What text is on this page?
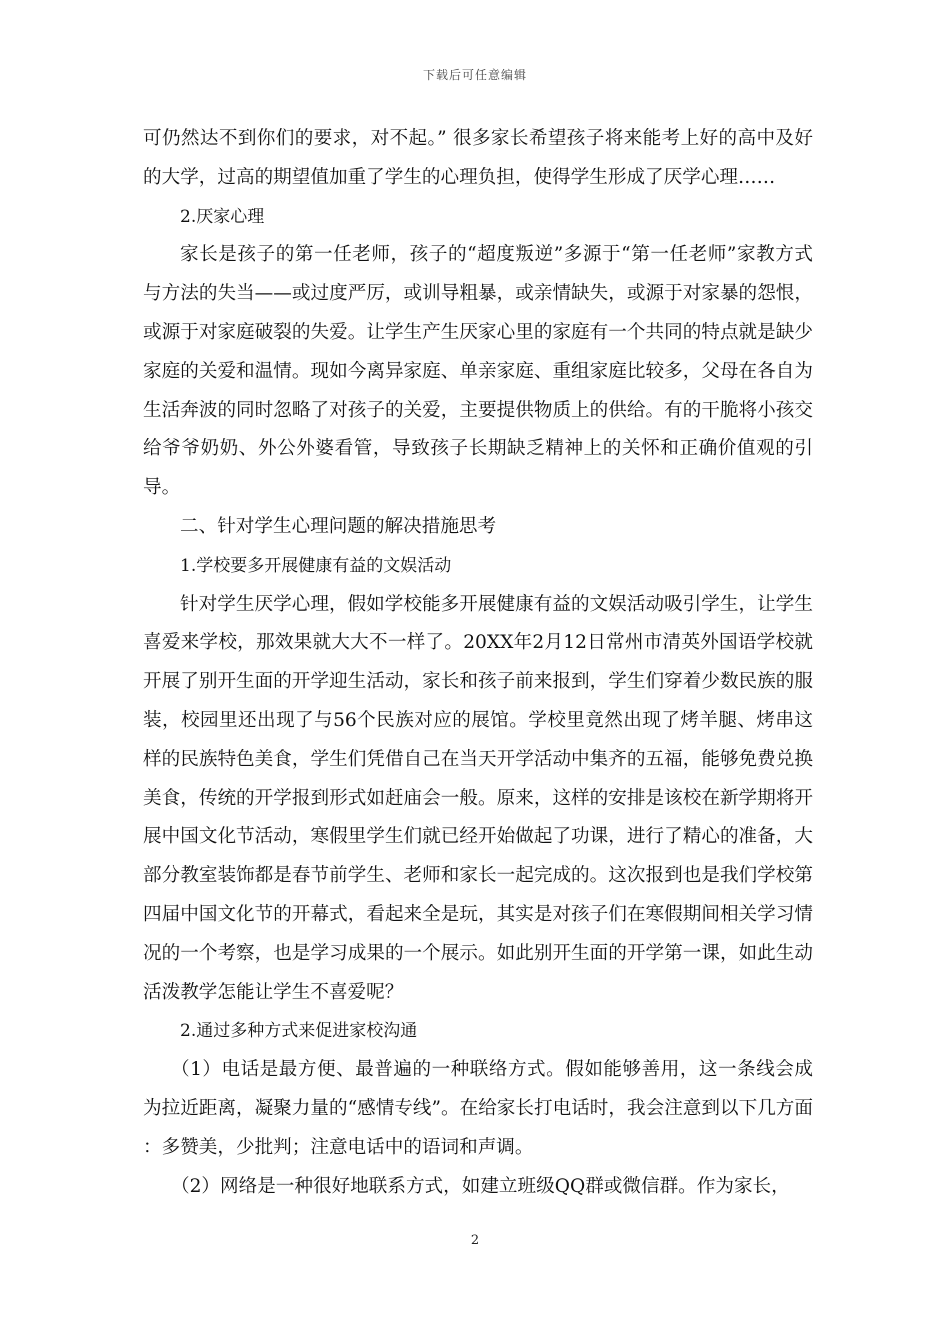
下载后可任意编辑

可仍然达不到你们的要求，对不起。” 很多家长希望孩子将来能考上好的高中及好的大学，过高的期望值加重了学生的心理负担，使得学生形成了厌学心理……

2.厌家心理

家长是孩子的第一任老师，孩子的“超度叛逆”多源于“第一任老师”家教方式与方法的失当——或过度严厉，或训导粗暴，或亲情缺失，或源于对家暴的怨恨，或源于对家庭破裂的失爱。让学生产生厌家心里的家庭有一个共同的特点就是缺少家庭的关爱和温情。现如今离异家庭、单亲家庭、重组家庭比较多，父母在各自为生活奔波的同时忽略了对孩子的关爱，主要提供物质上的供给。有的干脆将小孩交给爷爷奶奶、外公外婆看管，导致孩子长期缺乏精神上的关怀和正确价值观的引导。

二、针对学生心理问题的解决措施思考

1.学校要多开展健康有益的文娱活动

针对学生厌学心理，假如学校能多开展健康有益的文娱活动吸引学生，让学生喜爱来学校，那效果就大大不一样了。20XX年2月12日常州市清英外国语学校就开展了别开生面的开学迎生活动，家长和孩子前来报到，学生们穿着少数民族的服装，校园里还出现了与56个民族对应的展馆。学校里竟然出现了烤羊腿、烤串这样的民族特色美食，学生们凭借自己在当天开学活动中集齐的五福，能够免费兑换美食，传统的开学报到形式如赶庙会一般。原来，这样的安排是该校在新学期将开展中国文化节活动，寒假里学生们就已经开始做起了功课，进行了精心的准备，大部分教室装饰都是春节前学生、老师和家长一起完成的。这次报到也是我们学校第四届中国文化节的开幕式，看起来全是玩，其实是对孩子们在寒假期间相关学习情况的一个考察，也是学习成果的一个展示。如此别开生面的开学第一课，如此生动活泼教学怎能让学生不喜爱呢？

2.通过多种方式来促进家校沟通

（1）电话是最方便、最普遍的一种联络方式。假如能够善用，这一条线会成为拉近距离，凝聚力量的“感情专线”。在给家长打电话时，我会注意到以下几方面 ：多赞美，少批判；注意电话中的语词和声调。

（2）网络是一种很好地联系方式，如建立班级QQ群或微信群。作为家长，

2
